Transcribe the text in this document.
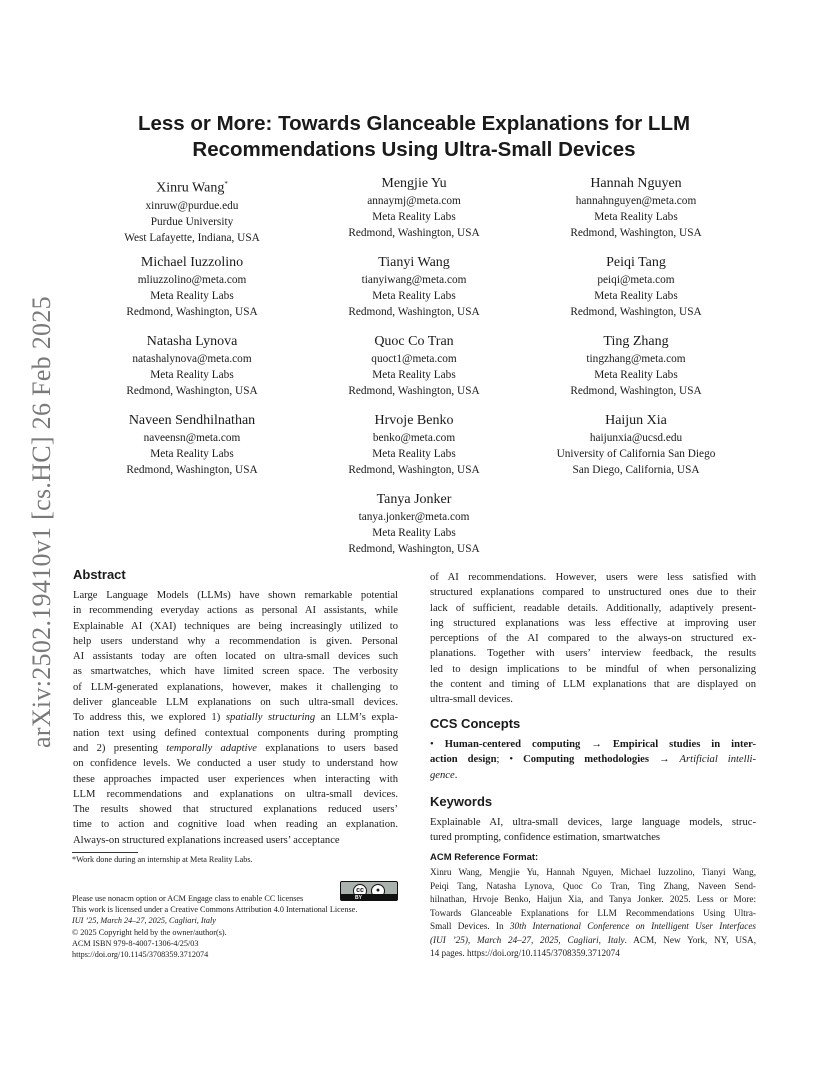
arXiv:2502.19410v1 [cs.HC] 26 Feb 2025
Less or More: Towards Glanceable Explanations for LLM
Recommendations Using Ultra-Small Devices
Xinru Wang*
xinruw@purdue.edu
Purdue University
West Lafayette, Indiana, USA
Mengjie Yu
annaymj@meta.com
Meta Reality Labs
Redmond, Washington, USA
Hannah Nguyen
hannahnguyen@meta.com
Meta Reality Labs
Redmond, Washington, USA
Michael Iuzzolino
mliuzzolino@meta.com
Meta Reality Labs
Redmond, Washington, USA
Tianyi Wang
tianyiwang@meta.com
Meta Reality Labs
Redmond, Washington, USA
Peiqi Tang
peiqi@meta.com
Meta Reality Labs
Redmond, Washington, USA
Natasha Lynova
natashalynova@meta.com
Meta Reality Labs
Redmond, Washington, USA
Quoc Co Tran
quoct1@meta.com
Meta Reality Labs
Redmond, Washington, USA
Ting Zhang
tingzhang@meta.com
Meta Reality Labs
Redmond, Washington, USA
Naveen Sendhilnathan
naveensn@meta.com
Meta Reality Labs
Redmond, Washington, USA
Hrvoje Benko
benko@meta.com
Meta Reality Labs
Redmond, Washington, USA
Haijun Xia
haijunxia@ucsd.edu
University of California San Diego
San Diego, California, USA
Tanya Jonker
tanya.jonker@meta.com
Meta Reality Labs
Redmond, Washington, USA
Abstract
Large Language Models (LLMs) have shown remarkable potential
in recommending everyday actions as personal AI assistants, while
Explainable AI (XAI) techniques are being increasingly utilized to
help users understand why a recommendation is given. Personal
AI assistants today are often located on ultra-small devices such
as smartwatches, which have limited screen space. The verbosity
of LLM-generated explanations, however, makes it challenging to
deliver glanceable LLM explanations on such ultra-small devices.
To address this, we explored 1) spatially structuring an LLM’s expla-
nation text using defined contextual components during prompting
and 2) presenting temporally adaptive explanations to users based
on confidence levels. We conducted a user study to understand how
these approaches impacted user experiences when interacting with
LLM recommendations and explanations on ultra-small devices.
The results showed that structured explanations reduced users’
time to action and cognitive load when reading an explanation.
Always-on structured explanations increased users’ acceptance
of AI recommendations. However, users were less satisfied with
structured explanations compared to unstructured ones due to their
lack of sufficient, readable details. Additionally, adaptively present-
ing structured explanations was less effective at improving user
perceptions of the AI compared to the always-on structured ex-
planations. Together with users’ interview feedback, the results
led to design implications to be mindful of when personalizing
the content and timing of LLM explanations that are displayed on
ultra-small devices.
CCS Concepts
• Human-centered computing → Empirical studies in inter-
action design; • Computing methodologies → Artificial intelli-
gence.
Keywords
Explainable AI, ultra-small devices, large language models, struc-
tured prompting, confidence estimation, smartwatches
ACM Reference Format:
Xinru Wang, Mengjie Yu, Hannah Nguyen, Michael Iuzzolino, Tianyi Wang,
Peiqi Tang, Natasha Lynova, Quoc Co Tran, Ting Zhang, Naveen Send-
hilnathan, Hrvoje Benko, Haijun Xia, and Tanya Jonker. 2025. Less or More:
Towards Glanceable Explanations for LLM Recommendations Using Ultra-
Small Devices. In 30th International Conference on Intelligent User Interfaces
(IUI ’25), March 24–27, 2025, Cagliari, Italy. ACM, New York, NY, USA,
14 pages. https://doi.org/10.1145/3708359.3712074
*Work done during an internship at Meta Reality Labs.
Please use nonacm option or ACM Engage class to enable CC licenses
This work is licensed under a Creative Commons Attribution 4.0 International License.
IUI ’25, March 24–27, 2025, Cagliari, Italy
© 2025 Copyright held by the owner/author(s).
ACM ISBN 979-8-4007-1306-4/25/03
https://doi.org/10.1145/3708359.3712074
cc	●
BY
